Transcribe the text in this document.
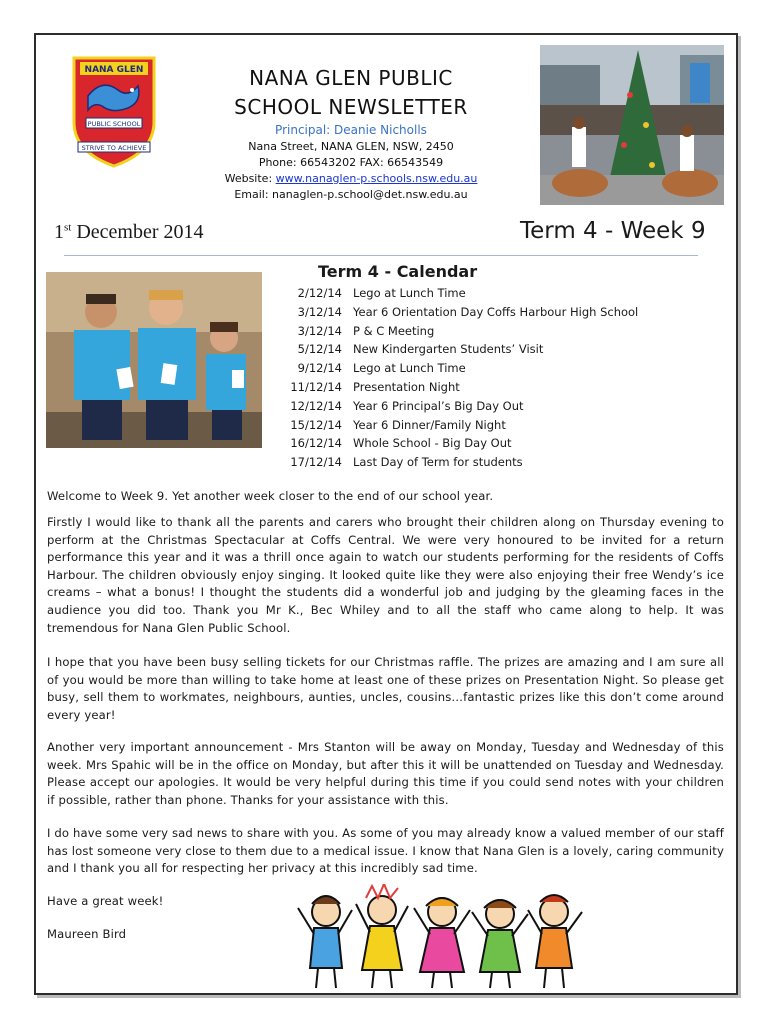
NANA GLEN
PUBLIC SCHOOL
STRIVE TO ACHIEVE
NANA GLEN PUBLIC
SCHOOL NEWSLETTER
Principal: Deanie Nicholls
Nana Street, NANA GLEN, NSW, 2450
Phone: 66543202 FAX: 66543549
Website: www.nanaglen-p.schools.nsw.edu.au
Email: nanaglen-p.school@det.nsw.edu.au
1st December 2014	Term 4 - Week 9
Term 4 - Calendar
2/12/14 Lego at Lunch Time
3/12/14 Year 6 Orientation Day Coffs Harbour High School
3/12/14 P & C Meeting
5/12/14 New Kindergarten Students’ Visit
9/12/14 Lego at Lunch Time
11/12/14 Presentation Night
12/12/14 Year 6 Principal’s Big Day Out
15/12/14 Year 6 Dinner/Family Night
16/12/14 Whole School - Big Day Out
17/12/14 Last Day of Term for students

Welcome to Week 9. Yet another week closer to the end of our school year.

Firstly I would like to thank all the parents and carers who brought their children along on Thursday evening to perform at the Christmas Spectacular at Coffs Central. We were very honoured to be invited for a return performance this year and it was a thrill once again to watch our students performing for the residents of Coffs Harbour. The children obviously enjoy singing. It looked quite like they were also enjoying their free Wendy’s ice creams – what a bonus! I thought the students did a wonderful job and judging by the gleaming faces in the audience you did too. Thank you Mr K., Bec Whiley and to all the staff who came along to help. It was tremendous for Nana Glen Public School.

I hope that you have been busy selling tickets for our Christmas raffle. The prizes are amazing and I am sure all of you would be more than willing to take home at least one of these prizes on Presentation Night. So please get busy, sell them to workmates, neighbours, aunties, uncles, cousins…fantastic prizes like this don’t come around every year!

Another very important announcement - Mrs Stanton will be away on Monday, Tuesday and Wednesday of this week. Mrs Spahic will be in the office on Monday, but after this it will be unattended on Tuesday and Wednesday. Please accept our apologies. It would be very helpful during this time if you could send notes with your children if possible, rather than phone. Thanks for your assistance with this.

I do have some very sad news to share with you. As some of you may already know a valued member of our staff has lost someone very close to them due to a medical issue. I know that Nana Glen is a lovely, caring community and I thank you all for respecting her privacy at this incredibly sad time.

Have a great week!

Maureen Bird
